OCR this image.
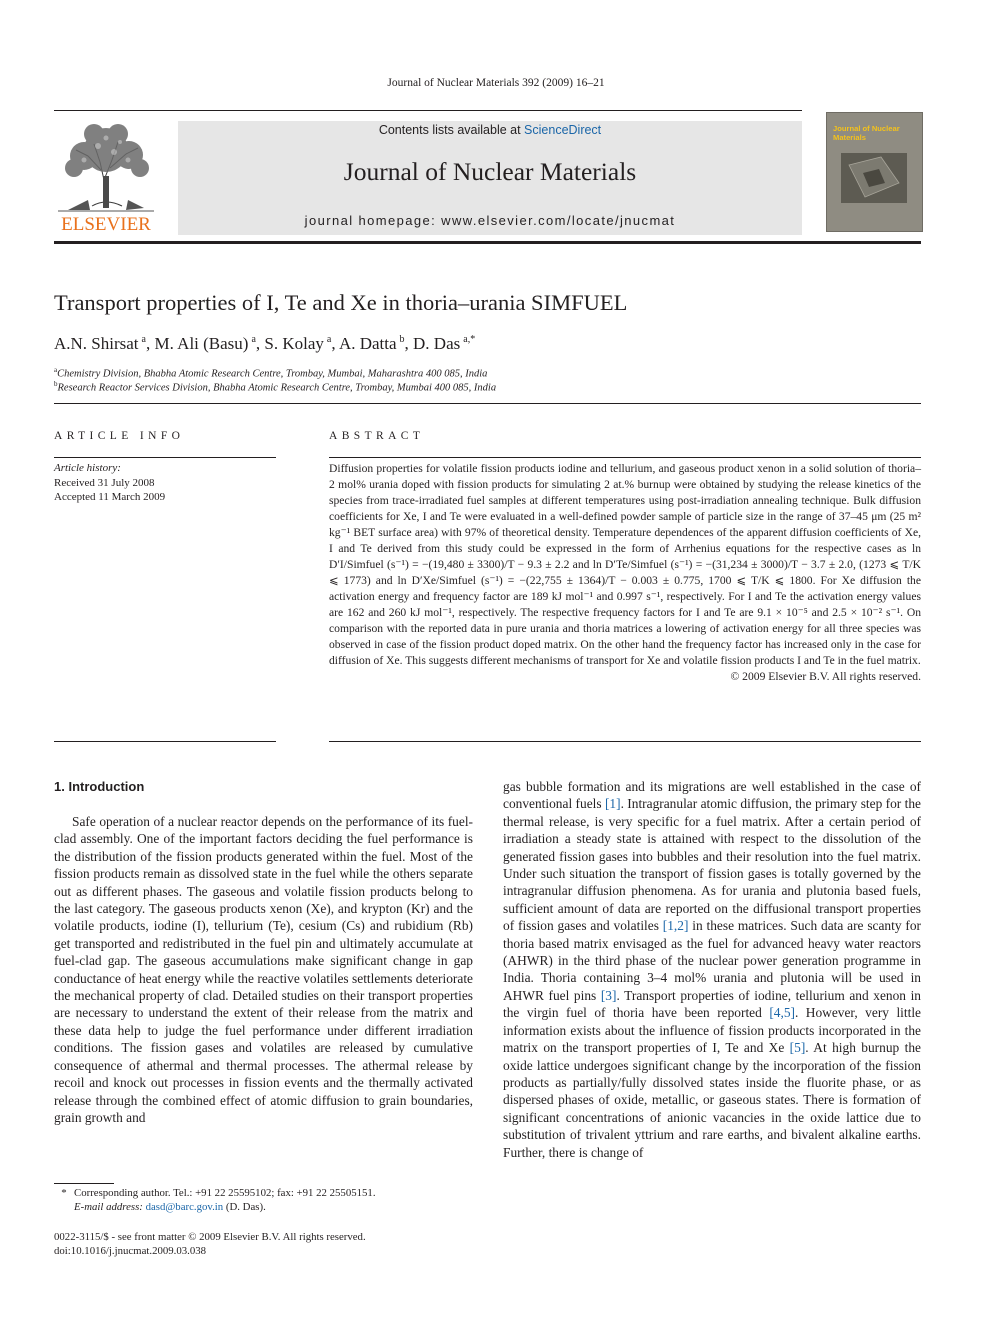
Journal of Nuclear Materials 392 (2009) 16–21
ELSEVIER
Contents lists available at ScienceDirect
Journal of Nuclear Materials
journal homepage: www.elsevier.com/locate/jnucmat
Journal of Nuclear Materials
Transport properties of I, Te and Xe in thoria–urania SIMFUEL
A.N. Shirsat $^a$, M. Ali (Basu) $^a$, S. Kolay $^a$, A. Datta $^b$, D. Das $^{a,*}$
$^a$Chemistry Division, Bhabha Atomic Research Centre, Trombay, Mumbai, Maharashtra 400 085, India
$^b$Research Reactor Services Division, Bhabha Atomic Research Centre, Trombay, Mumbai 400 085, India
ARTICLE INFO	ABSTRACT
Article history:
Received 31 July 2008
Accepted 11 March 2009

Diffusion properties for volatile fission products iodine and tellurium, and gaseous product xenon in a solid solution of thoria–2 mol% urania doped with fission products for simulating 2 at.% burnup were obtained by studying the release kinetics of the species from trace-irradiated fuel samples at different temperatures using post-irradiation annealing technique. Bulk diffusion coefficients for Xe, I and Te were evaluated in a well-defined powder sample of particle size in the range of 37–45 μm (25 m² kg⁻¹ BET surface area) with 97% of theoretical density. Temperature dependences of the apparent diffusion coefficients of Xe, I and Te derived from this study could be expressed in the form of Arrhenius equations for the respective cases as ln D′I/Simfuel (s⁻¹) = −(19,480 ± 3300)/T − 9.3 ± 2.2 and ln D′Te/Simfuel (s⁻¹) = −(31,234 ± 3000)/T − 3.7 ± 2.0, (1273 ⩽ T/K ⩽ 1773) and ln D′Xe/Simfuel (s⁻¹) = −(22,755 ± 1364)/T − 0.003 ± 0.775, 1700 ⩽ T/K ⩽ 1800. For Xe diffusion the activation energy and frequency factor are 189 kJ mol⁻¹ and 0.997 s⁻¹, respectively. For I and Te the activation energy values are 162 and 260 kJ mol⁻¹, respectively. The respective frequency factors for I and Te are 9.1 × 10⁻⁵ and 2.5 × 10⁻² s⁻¹. On comparison with the reported data in pure urania and thoria matrices a lowering of activation energy for all three species was observed in case of the fission product doped matrix. On the other hand the frequency factor has increased only in the case for diffusion of Xe. This suggests different mechanisms of transport for Xe and volatile fission products I and Te in the fuel matrix.

© 2009 Elsevier B.V. All rights reserved.

1. Introduction

Safe operation of a nuclear reactor depends on the performance of its fuel-clad assembly. One of the important factors deciding the fuel performance is the distribution of the fission products generated within the fuel. Most of the fission products remain as dissolved state in the fuel while the others separate out as different phases. The gaseous and volatile fission products belong to the last category. The gaseous products xenon (Xe), and krypton (Kr) and the volatile products, iodine (I), tellurium (Te), cesium (Cs) and rubidium (Rb) get transported and redistributed in the fuel pin and ultimately accumulate at fuel-clad gap. The gaseous accumulations make significant change in gap conductance of heat energy while the reactive volatiles settlements deteriorate the mechanical property of clad. Detailed studies on their transport properties are necessary to understand the extent of their release from the matrix and these data help to judge the fuel performance under different irradiation conditions. The fission gases and volatiles are released by cumulative consequence of athermal and thermal processes. The athermal release by recoil and knock out processes in fission events and the thermally activated release through the combined effect of atomic diffusion to grain boundaries, grain growth and

gas bubble formation and its migrations are well established in the case of conventional fuels [1]. Intragranular atomic diffusion, the primary step for the thermal release, is very specific for a fuel matrix. After a certain period of irradiation a steady state is attained with respect to the dissolution of the generated fission gases into bubbles and their resolution into the fuel matrix. Under such situation the transport of fission gases is totally governed by the intragranular diffusion phenomena. As for urania and plutonia based fuels, sufficient amount of data are reported on the diffusional transport properties of fission gases and volatiles [1,2] in these matrices. Such data are scanty for thoria based matrix envisaged as the fuel for advanced heavy water reactors (AHWR) in the third phase of the nuclear power generation programme in India. Thoria containing 3–4 mol% urania and plutonia will be used in AHWR fuel pins [3]. Transport properties of iodine, tellurium and xenon in the virgin fuel of thoria have been reported [4,5]. However, very little information exists about the influence of fission products incorporated in the matrix on the transport properties of I, Te and Xe [5]. At high burnup the oxide lattice undergoes significant change by the incorporation of the fission products as partially/fully dissolved states inside the fluorite phase, or as dispersed phases of oxide, metallic, or gaseous states. There is formation of significant concentrations of anionic vacancies in the oxide lattice due to substitution of trivalent yttrium and rare earths, and bivalent alkaline earths. Further, there is change of

* Corresponding author. Tel.: +91 22 25595102; fax: +91 22 25505151.
E-mail address: dasd@barc.gov.in (D. Das).
0022-3115/$ - see front matter © 2009 Elsevier B.V. All rights reserved.
doi:10.1016/j.jnucmat.2009.03.038
